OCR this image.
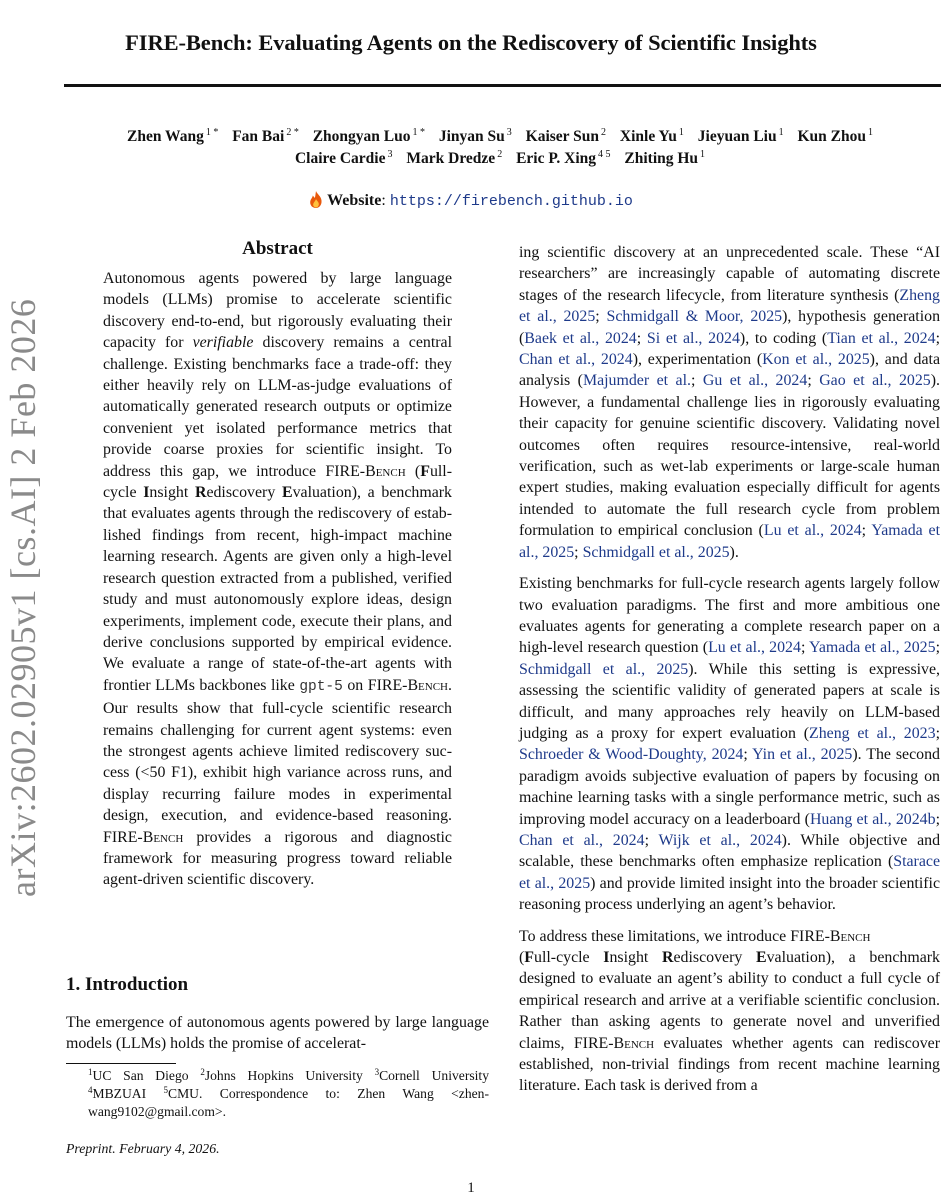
FIRE-Bench: Evaluating Agents on the Rediscovery of Scientific Insights
Zhen Wang $^{1 *}$ Fan Bai $^{2 *}$ Zhongyan Luo $^{1 *}$ Jinyan Su $^3$ Kaiser Sun $^2$ Xinle Yu $^1$ Jieyuan Liu $^1$ Kun Zhou $^1$
Claire Cardie $^3$ Mark Dredze $^2$ Eric P. Xing $^{4 5}$ Zhiting Hu $^1$
Website: https://firebench.github.io
arXiv:2602.02905v1 [cs.AI] 2 Feb 2026
Abstract

Autonomous agents powered by large language models (LLMs) promise to accelerate scientific discovery end-to-end, but rigorously evaluating their capacity for verifiable discovery remains a central challenge. Existing benchmarks face a trade-off: they either heavily rely on LLM-as-judge evaluations of automatically generated research outputs or optimize convenient yet isolated performance metrics that provide coarse proxies for scientific insight. To address this gap, we introduce FIRE-Bench (Full-cycle Insight Rediscovery Evaluation), a benchmark that evaluates agents through the rediscovery of established findings from recent, high-impact machine learning research. Agents are given only a high-level research question extracted from a published, verified study and must autonomously explore ideas, design experiments, implement code, execute their plans, and derive conclusions supported by empirical evidence. We evaluate a range of state-of-the-art agents with frontier LLMs backbones like gpt-5 on FIRE-Bench. Our results show that full-cycle scientific research remains challenging for current agent systems: even the strongest agents achieve limited rediscovery success (<50 F1), exhibit high variance across runs, and display recurring failure modes in experimental design, execution, and evidence-based reasoning. FIRE-Bench provides a rigorous and diagnostic framework for measuring progress toward reliable agent-driven scientific discovery.

1. Introduction

The emergence of autonomous agents powered by large language models (LLMs) holds the promise of accelerat-

$^1$UC San Diego $^2$Johns Hopkins University $^3$Cornell University $^4$MBZUAI $^5$CMU. Correspondence to: Zhen Wang <zhenwang9102@gmail.com>.
Preprint. February 4, 2026.

ing scientific discovery at an unprecedented scale. These “AI researchers” are increasingly capable of automating discrete stages of the research lifecycle, from literature synthesis (Zheng et al., 2025; Schmidgall & Moor, 2025), hypothesis generation (Baek et al., 2024; Si et al., 2024), to coding (Tian et al., 2024; Chan et al., 2024), experimentation (Kon et al., 2025), and data analysis (Majumder et al.; Gu et al., 2024; Gao et al., 2025). However, a fundamental challenge lies in rigorously evaluating their capacity for genuine scientific discovery. Validating novel outcomes often requires resource-intensive, real-world verification, such as wet-lab experiments or large-scale human expert studies, making evaluation especially difficult for agents intended to automate the full research cycle from problem formulation to empirical conclusion (Lu et al., 2024; Yamada et al., 2025; Schmidgall et al., 2025).

Existing benchmarks for full-cycle research agents largely follow two evaluation paradigms. The first and more ambitious one evaluates agents for generating a complete research paper on a high-level research question (Lu et al., 2024; Yamada et al., 2025; Schmidgall et al., 2025). While this setting is expressive, assessing the scientific validity of generated papers at scale is difficult, and many approaches rely heavily on LLM-based judging as a proxy for expert evaluation (Zheng et al., 2023; Schroeder & Wood-Doughty, 2024; Yin et al., 2025). The second paradigm avoids subjective evaluation of papers by focusing on machine learning tasks with a single performance metric, such as improving model accuracy on a leaderboard (Huang et al., 2024b; Chan et al., 2024; Wijk et al., 2024). While objective and scalable, these benchmarks often emphasize replication (Starace et al., 2025) and provide limited insight into the broader scientific reasoning process underlying an agent’s behavior.

To address these limitations, we introduce FIRE-Bench
(Full-cycle Insight Rediscovery Evaluation), a benchmark designed to evaluate an agent’s ability to conduct a full cycle of empirical research and arrive at a verifiable scientific conclusion. Rather than asking agents to generate novel and unverified claims, FIRE-Bench evaluates whether agents can rediscover established, non-trivial findings from recent machine learning literature. Each task is derived from a

1
